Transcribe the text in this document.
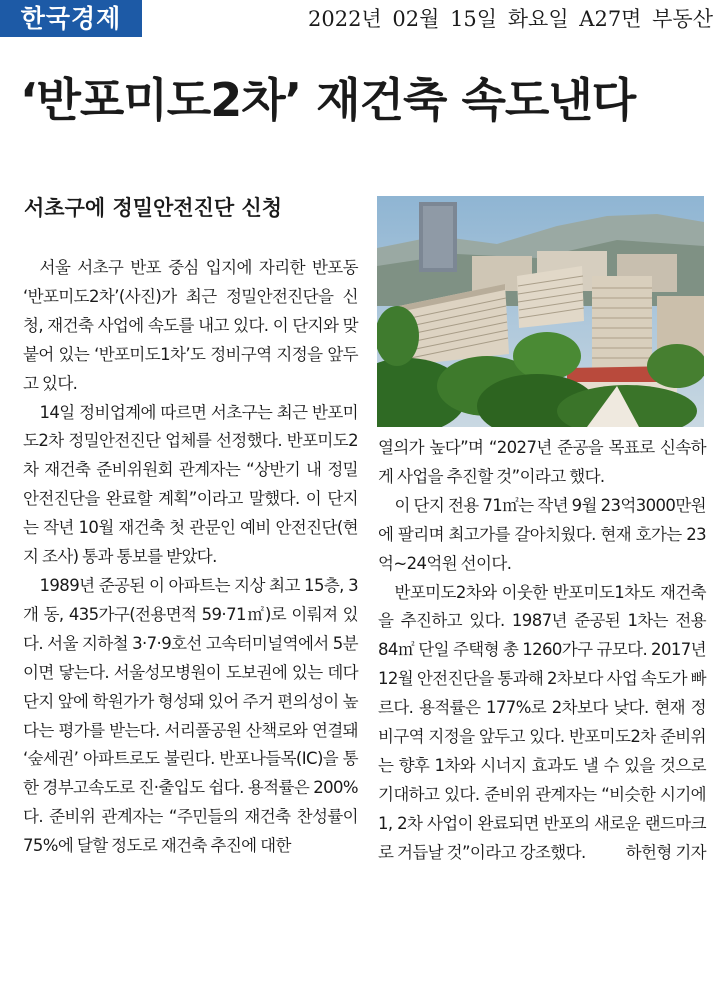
한국경제	2022년 02월 15일 화요일 A27면 부동산
‘반포미도2차’ 재건축 속도낸다
서초구에 정밀안전진단 신청

서울 서초구 반포 중심 입지에 자리한 반포동 ‘반포미도2차’(사진)가 최근 정밀안전진단을 신청, 재건축 사업에 속도를 내고 있다. 이 단지와 맞붙어 있는 ‘반포미도1차’도 정비구역 지정을 앞두고 있다.

14일 정비업계에 따르면 서초구는 최근 반포미도2차 정밀안전진단 업체를 선정했다. 반포미도2차 재건축 준비위원회 관계자는 “상반기 내 정밀안전진단을 완료할 계획”이라고 말했다. 이 단지는 작년 10월 재건축 첫 관문인 예비 안전진단(현지 조사) 통과 통보를 받았다.

1989년 준공된 이 아파트는 지상 최고 15층, 3개 동, 435가구(전용면적 59·71㎡)로 이뤄져 있다. 서울 지하철 3·7·9호선 고속터미널역에서 5분이면 닿는다. 서울성모병원이 도보권에 있는 데다 단지 앞에 학원가가 형성돼 있어 주거 편의성이 높다는 평가를 받는다. 서리풀공원 산책로와 연결돼 ‘숲세권’ 아파트로도 불린다. 반포나들목(IC)을 통한 경부고속도로 진·출입도 쉽다. 용적률은 200%다. 준비위 관계자는 “주민들의 재건축 찬성률이 75%에 달할 정도로 재건축 추진에 대한

열의가 높다”며 “2027년 준공을 목표로 신속하게 사업을 추진할 것”이라고 했다.

이 단지 전용 71㎡는 작년 9월 23억3000만원에 팔리며 최고가를 갈아치웠다. 현재 호가는 23억~24억원 선이다.

반포미도2차와 이웃한 반포미도1차도 재건축을 추진하고 있다. 1987년 준공된 1차는 전용 84㎡ 단일 주택형 총 1260가구 규모다. 2017년 12월 안전진단을 통과해 2차보다 사업 속도가 빠르다. 용적률은 177%로 2차보다 낮다. 현재 정비구역 지정을 앞두고 있다. 반포미도2차 준비위는 향후 1차와 시너지 효과도 낼 수 있을 것으로 기대하고 있다. 준비위 관계자는 “비슷한 시기에 1, 2차 사업이 완료되면 반포의 새로운 랜드마크로 거듭날 것”이라고 강조했다.	하헌형 기자
